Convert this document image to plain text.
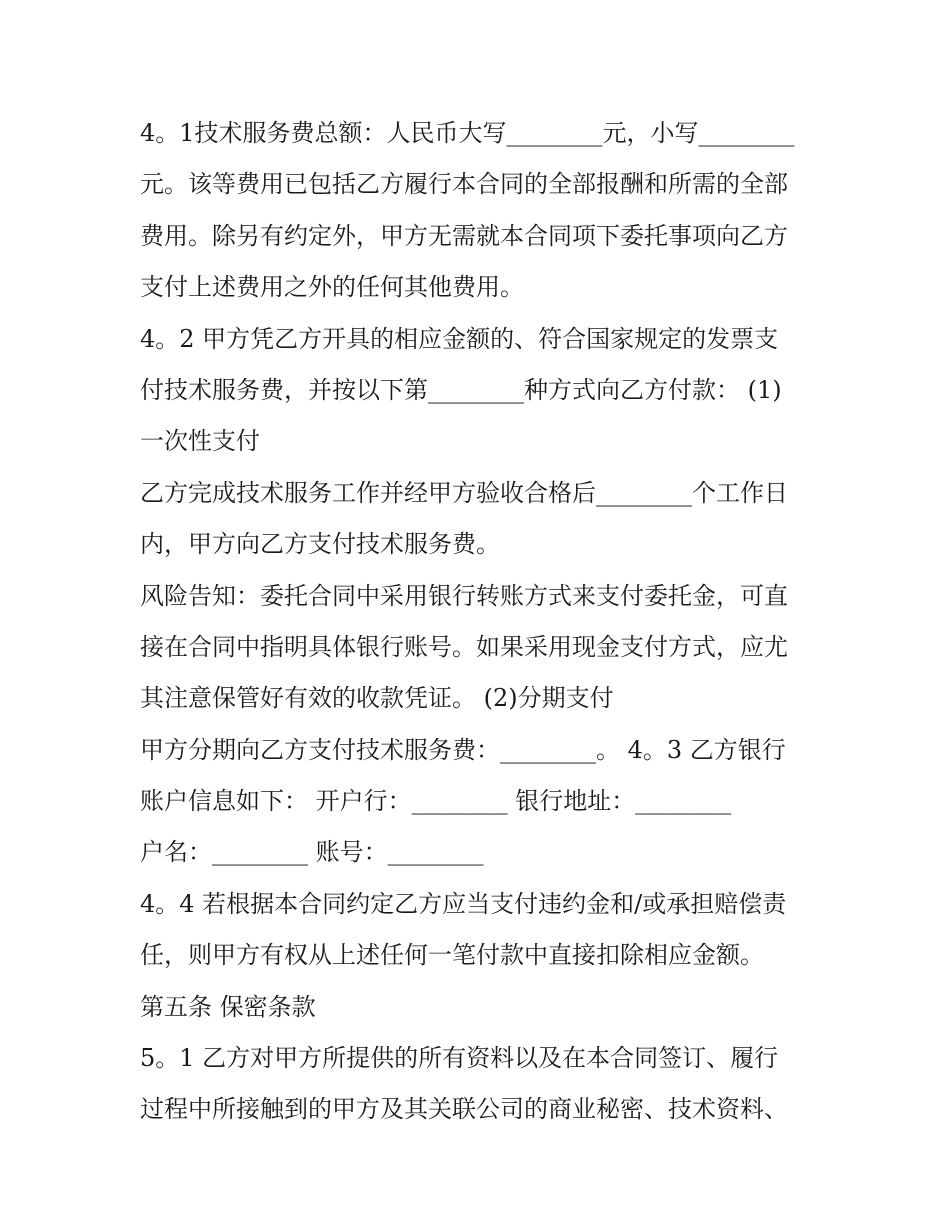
4。1技术服务费总额：人民币大写________元，小写________
元。该等费用已包括乙方履行本合同的全部报酬和所需的全部
费用。除另有约定外，甲方无需就本合同项下委托事项向乙方
支付上述费用之外的任何其他费用。
4。2 甲方凭乙方开具的相应金额的、符合国家规定的发票支
付技术服务费，并按以下第________种方式向乙方付款： (1)
一次性支付
乙方完成技术服务工作并经甲方验收合格后________个工作日
内，甲方向乙方支付技术服务费。
风险告知：委托合同中采用银行转账方式来支付委托金，可直
接在合同中指明具体银行账号。如果采用现金支付方式，应尤
其注意保管好有效的收款凭证。 (2)分期支付
甲方分期向乙方支付技术服务费：________。 4。3 乙方银行
账户信息如下： 开户行：________ 银行地址：________
户名：________ 账号：________
4。4 若根据本合同约定乙方应当支付违约金和/或承担赔偿责
任，则甲方有权从上述任何一笔付款中直接扣除相应金额。
第五条 保密条款
5。1 乙方对甲方所提供的所有资料以及在本合同签订、履行
过程中所接触到的甲方及其关联公司的商业秘密、技术资料、
